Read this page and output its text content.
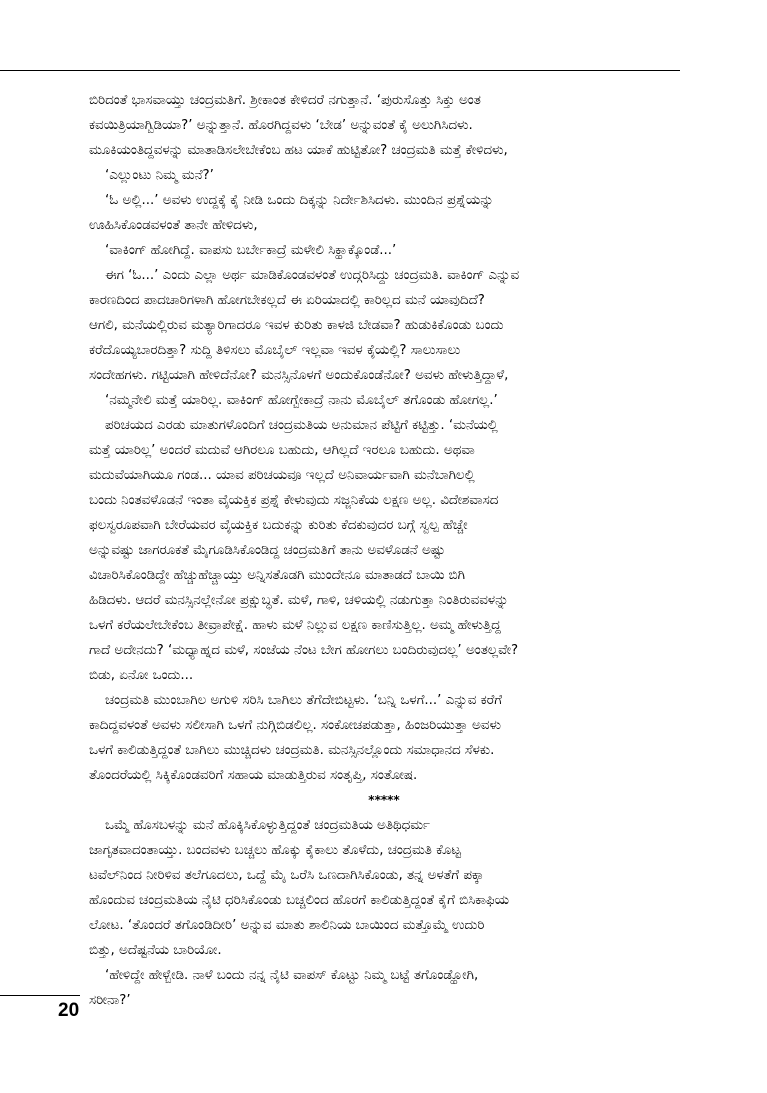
ಬಿರಿದಂತೆ ಭಾಸವಾಯ್ತು ಚಂದ್ರಮತಿಗೆ. ಶ್ರೀಕಾಂತ ಕೇಳಿದರೆ ನಗುತ್ತಾನೆ. ‘ಪುರುಸೊತ್ತು ಸಿಕ್ತು ಅಂತ
ಕವಯಿತ್ರಿಯಾಗ್ಬಿಡಿಯಾ?’ ಅನ್ನುತ್ತಾನೆ. ಹೊರಗಿದ್ದವಳು ‘ಬೇಡ’ ಅನ್ನುವಂತೆ ಕೈ ಅಲುಗಿಸಿದಳು.
ಮೂಕಿಯಂತಿದ್ದವಳನ್ನು ಮಾತಾಡಿಸಲೇಬೇಕೆಂಬ ಹಟ ಯಾಕೆ ಹುಟ್ಟಿತೋ? ಚಂದ್ರಮತಿ ಮತ್ತೆ ಕೇಳಿದಳು,
‘ಎಲ್ಲುಂಟು ನಿಮ್ಮ ಮನೆ?’
‘ಓ ಅಲ್ಲಿ...’ ಅವಳು ಉದ್ದಕ್ಕೆ ಕೈ ನೀಡಿ ಒಂದು ದಿಕ್ಕನ್ನು ನಿರ್ದೇಶಿಸಿದಳು. ಮುಂದಿನ ಪ್ರಶ್ನೆಯನ್ನು
ಊಹಿಸಿಕೊಂಡವಳಂತೆ ತಾನೇ ಹೇಳಿದಳು,
‘ವಾಕಿಂಗ್ ಹೋಗಿದ್ದೆ. ವಾಪಸು ಬರ್ಬೇಕಾದ್ರೆ ಮಳೇಲಿ ಸಿಕ್ಹಾಕ್ಕೊಂಡೆ...’
ಈಗ ‘ಓ...’ ಎಂದು ಎಲ್ಲಾ ಅರ್ಥ ಮಾಡಿಕೊಂಡವಳಂತೆ ಉದ್ಗರಿಸಿದ್ದು ಚಂದ್ರಮತಿ. ವಾಕಿಂಗ್ ಎನ್ನುವ
ಕಾರಣದಿಂದ ಪಾದಚಾರಿಗಳಾಗಿ ಹೋಗಬೇಕಲ್ಲದೆ ಈ ಏರಿಯಾದಲ್ಲಿ ಕಾರಿಲ್ಲದ ಮನೆ ಯಾವುದಿದೆ?
ಆಗಲಿ, ಮನೆಯಲ್ಲಿರುವ ಮತ್ಯಾರಿಗಾದರೂ ಇವಳ ಕುರಿತು ಕಾಳಜಿ ಬೇಡವಾ? ಹುಡುಕಿಕೊಂಡು ಬಂದು
ಕರೆದೊಯ್ಯಬಾರದಿತ್ತಾ? ಸುದ್ದಿ ತಿಳಿಸಲು ಮೊಬೈಲ್ ಇಲ್ಲವಾ ಇವಳ ಕೈಯಲ್ಲಿ? ಸಾಲುಸಾಲು
ಸಂದೇಹಗಳು. ಗಟ್ಟಿಯಾಗಿ ಹೇಳಿದೆನೋ? ಮನಸ್ಸಿನೊಳಗೆ ಅಂದುಕೊಂಡೆನೋ? ಅವಳು ಹೇಳುತ್ತಿದ್ದಾಳೆ,
‘ನಮ್ಮನೇಲಿ ಮತ್ತೆ ಯಾರಿಲ್ಲ. ವಾಕಿಂಗ್ ಹೋಗ್ಬೇಕಾದ್ರೆ ನಾನು ಮೊಬೈಲ್ ತಗೊಂಡು ಹೋಗಲ್ಲ.’
ಪರಿಚಯದ ಎರಡು ಮಾತುಗಳೊಂದಿಗೆ ಚಂದ್ರಮತಿಯ ಅನುಮಾನ ಪೆಟ್ಟಿಗೆ ಕಟ್ಟಿತ್ತು. ‘ಮನೆಯಲ್ಲಿ
ಮತ್ತೆ ಯಾರಿಲ್ಲ’ ಅಂದರೆ ಮದುವೆ ಆಗಿರಲೂ ಬಹುದು, ಆಗಿಲ್ಲದೆ ಇರಲೂ ಬಹುದು. ಅಥವಾ
ಮದುವೆಯಾಗಿಯೂ ಗಂಡ... ಯಾವ ಪರಿಚಯವೂ ಇಲ್ಲದೆ ಅನಿವಾರ್ಯವಾಗಿ ಮನೆಬಾಗಿಲಲ್ಲಿ
ಬಂದು ನಿಂತವಳೊಡನೆ ಇಂತಾ ವೈಯಕ್ತಿಕ ಪ್ರಶ್ನೆ ಕೇಳುವುದು ಸಜ್ಜನಿಕೆಯ ಲಕ್ಷಣ ಅಲ್ಲ. ವಿದೇಶವಾಸದ
ಫಲಸ್ವರೂಪವಾಗಿ ಬೇರೆಯವರ ವೈಯಕ್ತಿಕ ಬದುಕನ್ನು ಕುರಿತು ಕೆದಕುವುದರ ಬಗ್ಗೆ ಸ್ವಲ್ಪ ಹೆಚ್ಚೇ
ಅನ್ನುವಷ್ಟು ಜಾಗರೂಕತೆ ಮೈಗೂಡಿಸಿಕೊಂಡಿದ್ದ ಚಂದ್ರಮತಿಗೆ ತಾನು ಅವಳೊಡನೆ ಅಷ್ಟು
ವಿಚಾರಿಸಿಕೊಂಡಿದ್ದೇ ಹೆಚ್ಚುಹೆಚ್ಚಾಯ್ತು ಅನ್ನಿಸತೊಡಗಿ ಮುಂದೇನೂ ಮಾತಾಡದೆ ಬಾಯಿ ಬಿಗಿ
ಹಿಡಿದಳು. ಆದರೆ ಮನಸ್ಸಿನಲ್ಲೇನೋ ಪ್ರಕ್ಷುಬ್ಧತೆ. ಮಳೆ, ಗಾಳಿ, ಚಳಿಯಲ್ಲಿ ನಡುಗುತ್ತಾ ನಿಂತಿರುವವಳನ್ನು
ಒಳಗೆ ಕರೆಯಲೇಬೇಕೆಂಬ ತೀವ್ರಾಪೇಕ್ಷೆ. ಹಾಳು ಮಳೆ ನಿಲ್ಲುವ ಲಕ್ಷಣ ಕಾಣಿಸುತ್ತಿಲ್ಲ. ಅಮ್ಮ ಹೇಳುತ್ತಿದ್ದ
ಗಾದೆ ಅದೇನದು? ‘ಮಧ್ಯಾಹ್ನದ ಮಳೆ, ಸಂಜೆಯ ನೆಂಟ ಬೇಗ ಹೋಗಲು ಬಂದಿರುವುದಲ್ಲ’ ಅಂತಲ್ಲವೇ?
ಬಿಡು, ಏನೋ ಒಂದು...
ಚಂದ್ರಮತಿ ಮುಂಬಾಗಿಲ ಅಗುಳಿ ಸರಿಸಿ ಬಾಗಿಲು ತೆಗೆದೇಬಿಟ್ಟಳು. ‘ಬನ್ನಿ ಒಳಗೆ...’ ಎನ್ನುವ ಕರೆಗೆ
ಕಾದಿದ್ದವಳಂತೆ ಅವಳು ಸಲೀಸಾಗಿ ಒಳಗೆ ನುಗ್ಗಿಬಿಡಲಿಲ್ಲ. ಸಂಕೋಚಪಡುತ್ತಾ, ಹಿಂಜರಿಯುತ್ತಾ ಅವಳು
ಒಳಗೆ ಕಾಲಿಡುತ್ತಿದ್ದಂತೆ ಬಾಗಿಲು ಮುಚ್ಚಿದಳು ಚಂದ್ರಮತಿ. ಮನಸ್ಸಿನಲ್ಲೊಂದು ಸಮಾಧಾನದ ಸೆಳಕು.
ತೊಂದರೆಯಲ್ಲಿ ಸಿಕ್ಕಿಕೊಂಡವರಿಗೆ ಸಹಾಯ ಮಾಡುತ್ತಿರುವ ಸಂತೃಪ್ತಿ, ಸಂತೋಷ.
*****
ಒಮ್ಮೆ ಹೊಸಬಳನ್ನು ಮನೆ ಹೊಕ್ಕಿಸಿಕೊಳ್ಳುತ್ತಿದ್ದಂತೆ ಚಂದ್ರಮತಿಯ ಅತಿಥಿಧರ್ಮ
ಜಾಗೃತವಾದಂತಾಯ್ತು. ಬಂದವಳು ಬಚ್ಚಲು ಹೊಕ್ಕು ಕೈಕಾಲು ತೊಳೆದು, ಚಂದ್ರಮತಿ ಕೊಟ್ಟ
ಟವೆಲ್‌ನಿಂದ ನೀರಿಳಿವ ತಲೆಗೂದಲು, ಒದ್ದೆ ಮೈ ಒರೆಸಿ ಒಣದಾಗಿಸಿಕೊಂಡು, ತನ್ನ ಅಳತೆಗೆ ಪಕ್ಕಾ
ಹೊಂದುವ ಚಂದ್ರಮತಿಯ ನೈಟಿ ಧರಿಸಿಕೊಂಡು ಬಚ್ಚಲಿಂದ ಹೊರಗೆ ಕಾಲಿಡುತ್ತಿದ್ದಂತೆ ಕೈಗೆ ಬಿಸಿಕಾಫಿಯ
ಲೋಟ. ‘ತೊಂದರೆ ತಗೊಂಡಿದೀರಿ’ ಅನ್ನುವ ಮಾತು ಶಾಲಿನಿಯ ಬಾಯಿಂದ ಮತ್ತೊಮ್ಮೆ ಉದುರಿ
ಬಿತ್ತು, ಅದೆಷ್ಟನೆಯ ಬಾರಿಯೋ.
‘ಹೇಳಿದ್ದೇ ಹೇಳ್ಬೇಡಿ. ನಾಳೆ ಬಂದು ನನ್ನ ನೈಟಿ ವಾಪಸ್ ಕೊಟ್ಟು ನಿಮ್ಮ ಬಟ್ಟೆ ತಗೊಂಡ್ಹೋಗಿ,
ಸರೀನಾ?’
20
